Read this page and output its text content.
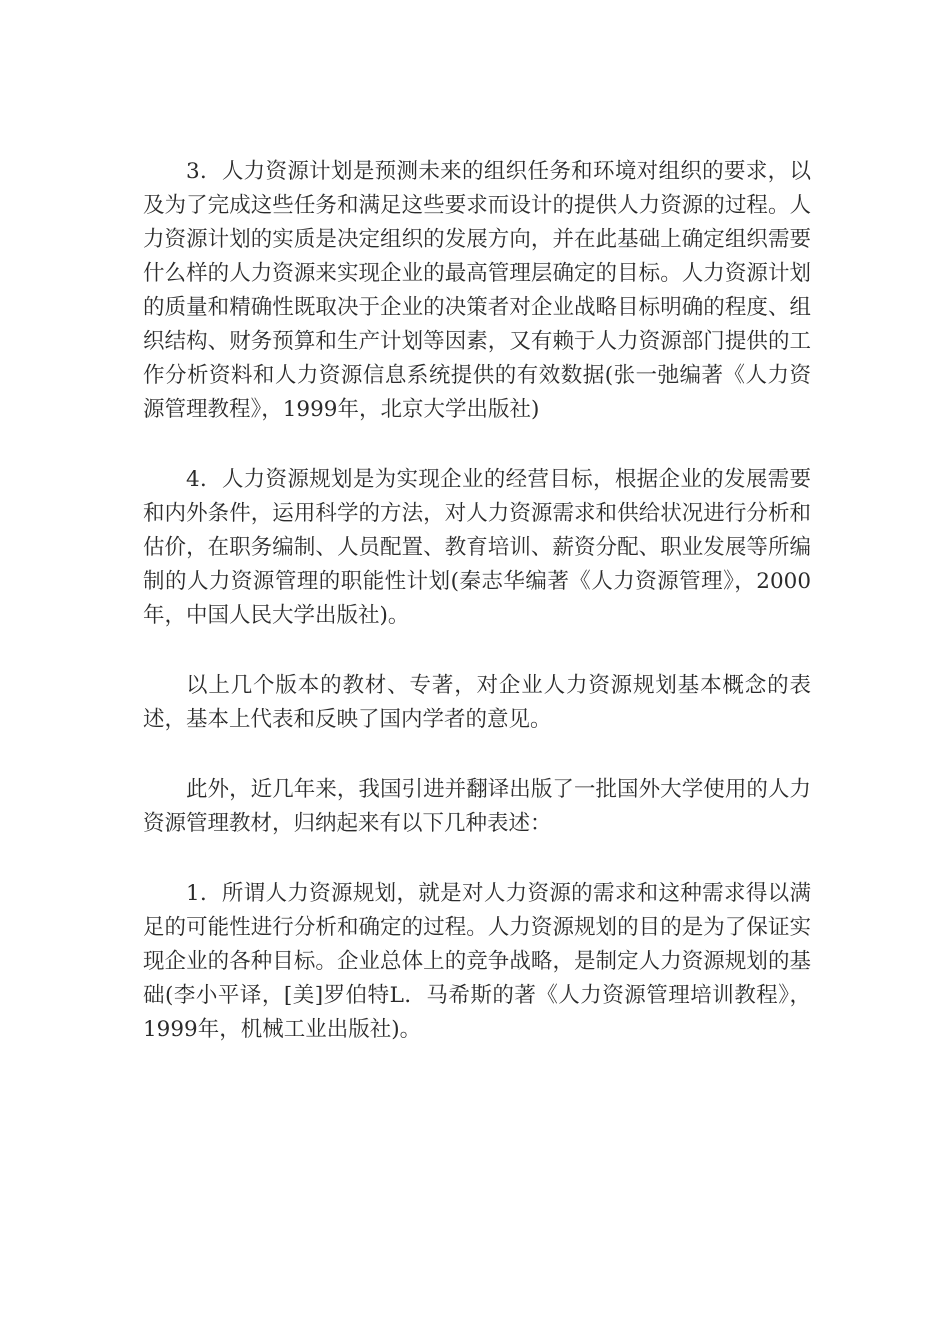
3．人力资源计划是预测未来的组织任务和环境对组织的要求，以及为了完成这些任务和满足这些要求而设计的提供人力资源的过程。人力资源计划的实质是决定组织的发展方向，并在此基础上确定组织需要什么样的人力资源来实现企业的最高管理层确定的目标。人力资源计划的质量和精确性既取决于企业的决策者对企业战略目标明确的程度、组织结构、财务预算和生产计划等因素，又有赖于人力资源部门提供的工作分析资料和人力资源信息系统提供的有效数据(张一弛编著《人力资源管理教程》，1999年，北京大学出版社)

4．人力资源规划是为实现企业的经营目标，根据企业的发展需要和内外条件，运用科学的方法，对人力资源需求和供给状况进行分析和估价，在职务编制、人员配置、教育培训、薪资分配、职业发展等所编制的人力资源管理的职能性计划(秦志华编著《人力资源管理》，2000年，中国人民大学出版社)。

以上几个版本的教材、专著，对企业人力资源规划基本概念的表述，基本上代表和反映了国内学者的意见。

此外，近几年来，我国引进并翻译出版了一批国外大学使用的人力资源管理教材，归纳起来有以下几种表述：

1．所谓人力资源规划，就是对人力资源的需求和这种需求得以满足的可能性进行分析和确定的过程。人力资源规划的目的是为了保证实现企业的各种目标。企业总体上的竞争战略，是制定人力资源规划的基础(李小平译，[美]罗伯特L．马希斯的著《人力资源管理培训教程》，1999年，机械工业出版社)。
